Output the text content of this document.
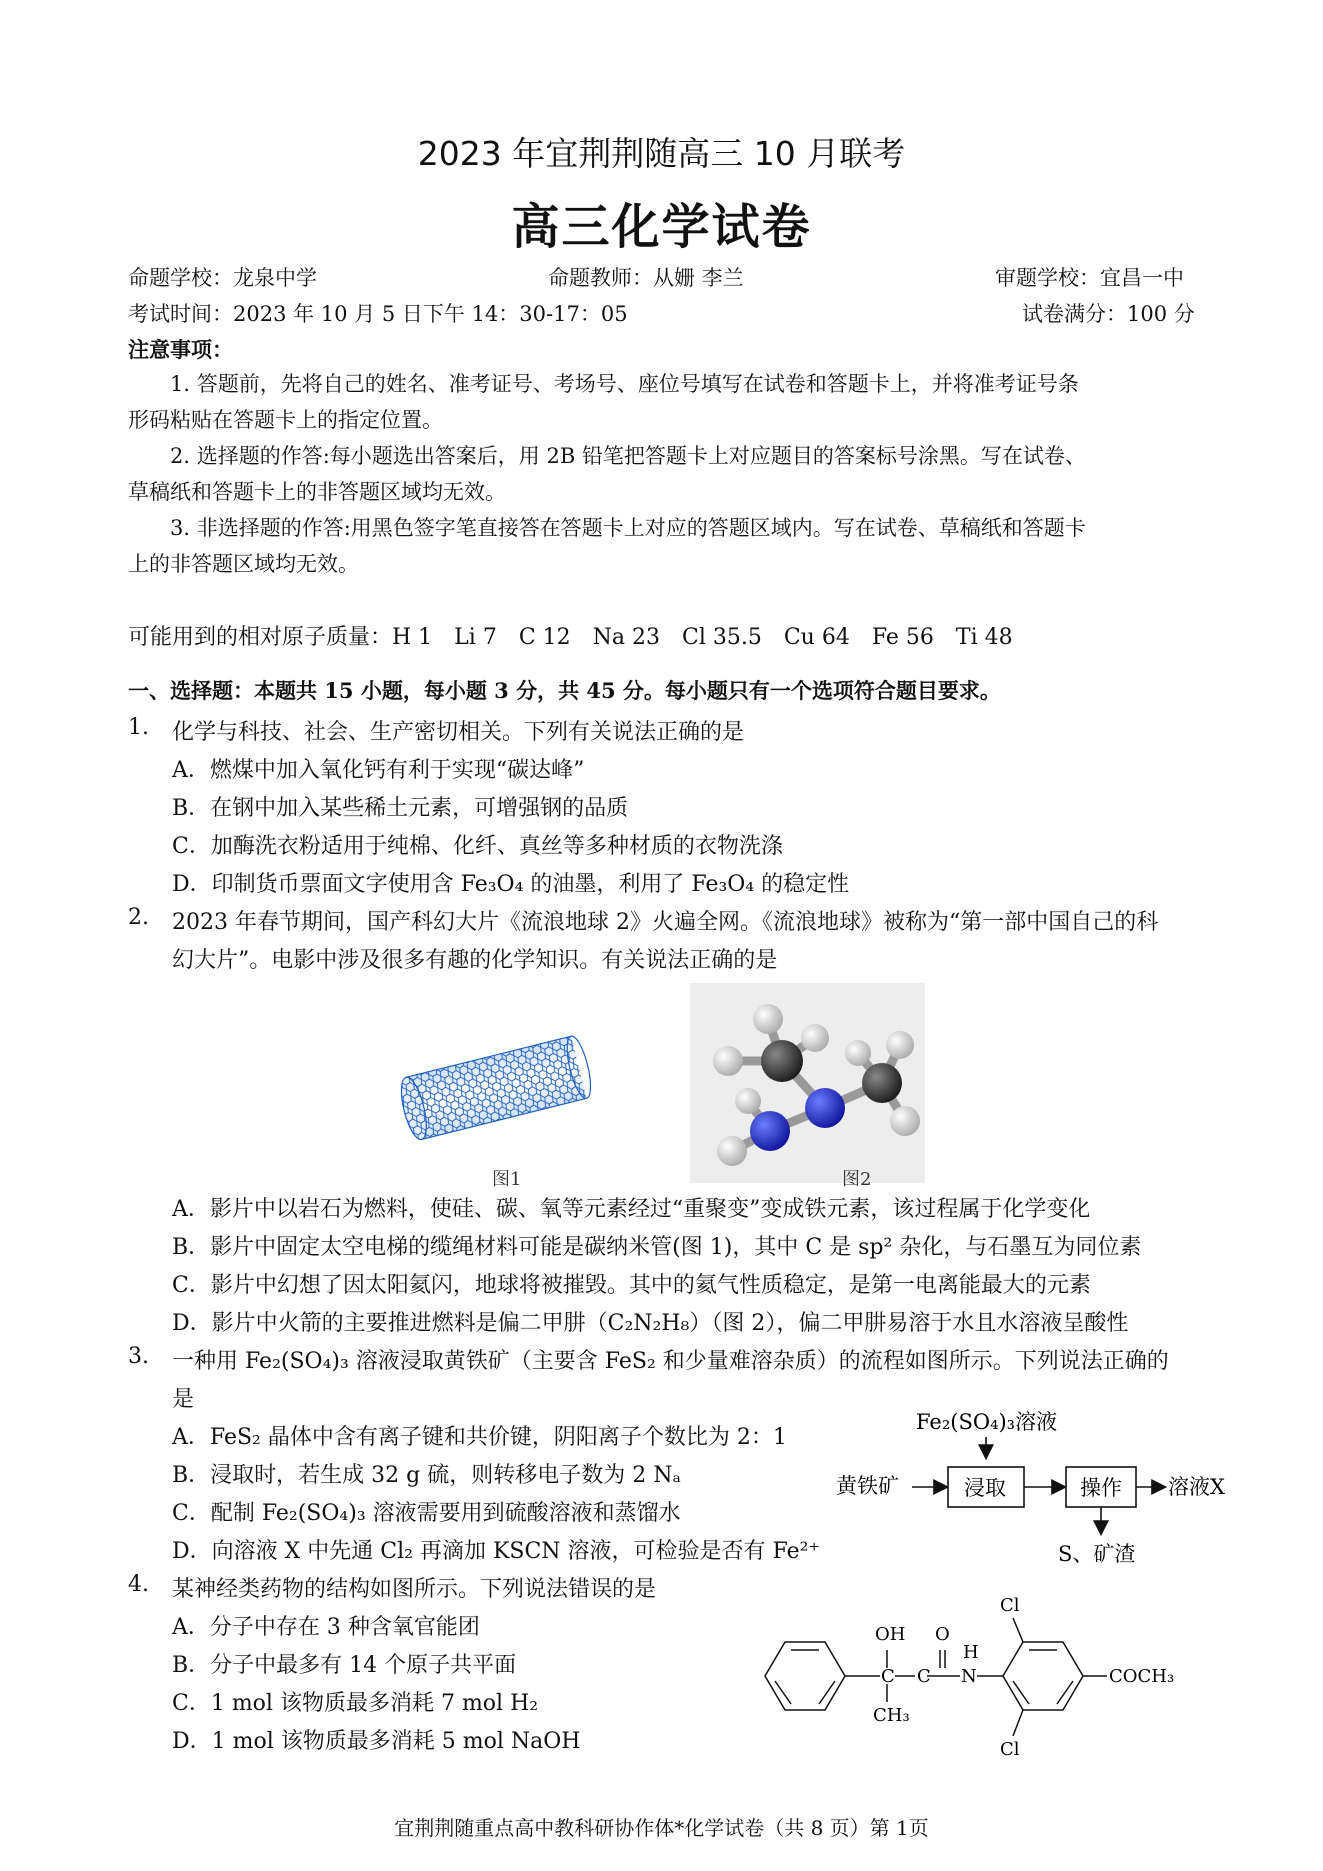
2023 年宜荆荆随高三 10 月联考
高三化学试卷
命题学校：龙泉中学	命题教师：从姗 李兰	审题学校：宜昌一中
考试时间：2023 年 10 月 5 日下午 14：30-17：05	试卷满分：100 分
注意事项：
1. 答题前，先将自己的姓名、准考证号、考场号、座位号填写在试卷和答题卡上，并将准考证号条
形码粘贴在答题卡上的指定位置。
2. 选择题的作答:每小题选出答案后，用 2B 铅笔把答题卡上对应题目的答案标号涂黑。写在试卷、
草稿纸和答题卡上的非答题区域均无效。
3. 非选择题的作答:用黑色签字笔直接答在答题卡上对应的答题区域内。写在试卷、草稿纸和答题卡
上的非答题区域均无效。
可能用到的相对原子质量：H 1　Li 7　C 12　Na 23　Cl 35.5　Cu 64　Fe 56　Ti 48
一、选择题：本题共 15 小题，每小题 3 分，共 45 分。每小题只有一个选项符合题目要求。
1. 化学与科技、社会、生产密切相关。下列有关说法正确的是
A．燃煤中加入氧化钙有利于实现“碳达峰”
B．在钢中加入某些稀土元素，可增强钢的品质
C．加酶洗衣粉适用于纯棉、化纤、真丝等多种材质的衣物洗涤
D．印制货币票面文字使用含 Fe₃O₄ 的油墨，利用了 Fe₃O₄ 的稳定性
2. 2023 年春节期间，国产科幻大片《流浪地球 2》火遍全网。《流浪地球》被称为“第一部中国自己的科
幻大片”。电影中涉及很多有趣的化学知识。有关说法正确的是
图1	图2
A．影片中以岩石为燃料，使硅、碳、氧等元素经过“重聚变”变成铁元素，该过程属于化学变化
B．影片中固定太空电梯的缆绳材料可能是碳纳米管(图 1)，其中 C 是 sp² 杂化，与石墨互为同位素
C．影片中幻想了因太阳氦闪，地球将被摧毁。其中的氦气性质稳定，是第一电离能最大的元素
D．影片中火箭的主要推进燃料是偏二甲肼（C₂N₂H₈）（图 2），偏二甲肼易溶于水且水溶液呈酸性
3. 一种用 Fe₂(SO₄)₃ 溶液浸取黄铁矿（主要含 FeS₂ 和少量难溶杂质）的流程如图所示。下列说法正确的
是
A．FeS₂ 晶体中含有离子键和共价键，阴阳离子个数比为 2：1
B．浸取时，若生成 32 g 硫，则转移电子数为 2 Nₐ
C．配制 Fe₂(SO₄)₃ 溶液需要用到硫酸溶液和蒸馏水
D．向溶液 X 中先通 Cl₂ 再滴加 KSCN 溶液，可检验是否有 Fe²⁺
Fe₂(SO₄)₃溶液
黄铁矿	浸取	操作 溶液X
S、矿渣
4. 某神经类药物的结构如图所示。下列说法错误的是
A．分子中存在 3 种含氧官能团
B．分子中最多有 14 个原子共平面
C．1 mol 该物质最多消耗 7 mol H₂
D．1 mol 该物质最多消耗 5 mol NaOH
OH O
C C
H
N
CH₃
Cl
Cl
COCH₃
宜荆荆随重点高中教科研协作体*化学试卷（共 8 页）第 1页
